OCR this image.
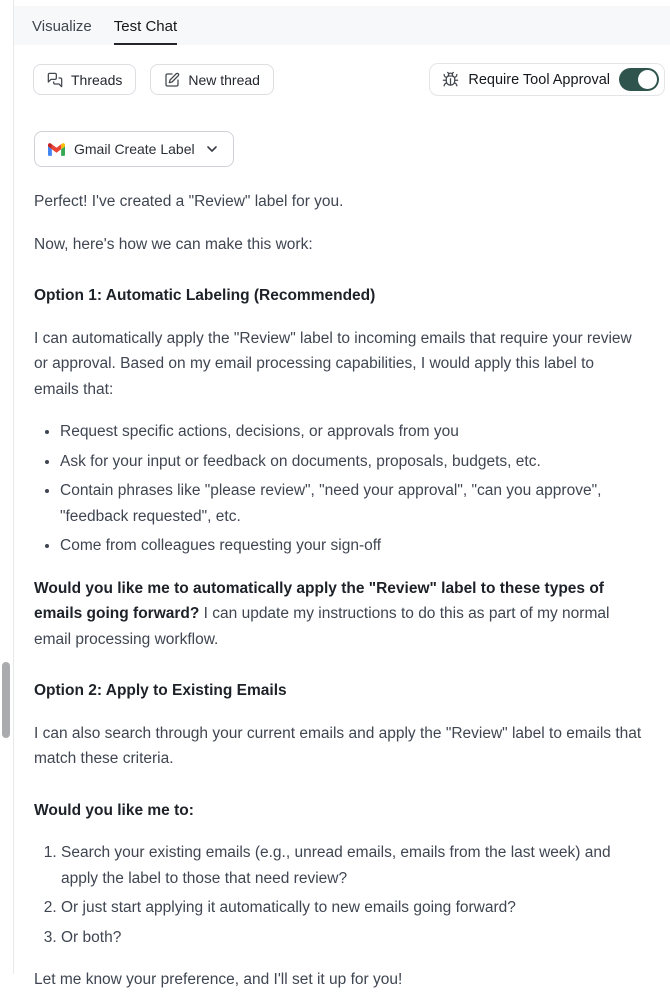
Visualize Test Chat
Threads	New thread	Require Tool Approval
Gmail Create Label

Perfect! I've created a "Review" label for you.

Now, here's how we can make this work:

Option 1: Automatic Labeling (Recommended)

I can automatically apply the "Review" label to incoming emails that require your review or approval. Based on my email processing capabilities, I would apply this label to emails that:

• Request specific actions, decisions, or approvals from you
• Ask for your input or feedback on documents, proposals, budgets, etc.
• Contain phrases like "please review", "need your approval", "can you approve", "feedback requested", etc.
• Come from colleagues requesting your sign-off

Would you like me to automatically apply the "Review" label to these types of emails going forward? I can update my instructions to do this as part of my normal email processing workflow.

Option 2: Apply to Existing Emails

I can also search through your current emails and apply the "Review" label to emails that match these criteria.

Would you like me to:
1. Search your existing emails (e.g., unread emails, emails from the last week) and apply the label to those that need review?
2. Or just start applying it automatically to new emails going forward?
3. Or both?

Let me know your preference, and I'll set it up for you!
